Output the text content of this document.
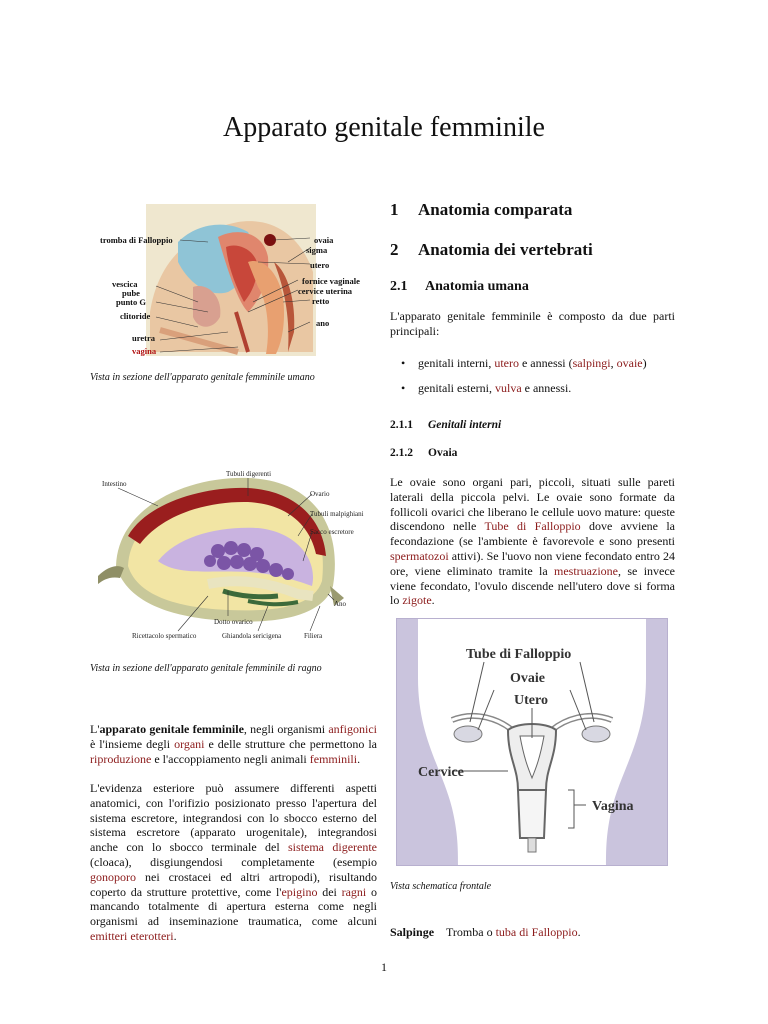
Apparato genitale femminile
tromba di Falloppio
vescica
pube
punto G
clitoride
uretra
vagina
ovaia
sigma
utero
fornice vaginale
cervice uterina
retto
ano
Vista in sezione dell'apparato genitale femminile umano
Tubuli digerenti
Intestino
Ovario
Tubuli malpighiani
Sacco escretore
Ano
Dotto ovarico
Ricettacolo spermatico	Ghiandola sericigena	Filiera
Vista in sezione dell'apparato genitale femminile di ragno
L'apparato genitale femminile, negli organismi anfigonici è l'insieme degli organi e delle strutture che permettono la riproduzione e l'accoppiamento negli animali femminili.
L'evidenza esteriore può assumere differenti aspetti anatomici, con l'orifizio posizionato presso l'apertura del sistema escretore, integrandosi con lo sbocco esterno del sistema escretore (apparato urogenitale), integrandosi anche con lo sbocco terminale del sistema digerente (cloaca), disgiungendosi completamente (esempio gonoporo nei crostacei ed altri artropodi), risultando coperto da strutture protettive, come l'epigino dei ragni o mancando totalmente di apertura esterna come negli organismi ad inseminazione traumatica, come alcuni emitteri eterotteri.
1 Anatomia comparata
2 Anatomia dei vertebrati
2.1 Anatomia umana
L'apparato genitale femminile è composto da due parti principali:
• genitali interni, utero e annessi (salpingi, ovaie)
• genitali esterni, vulva e annessi.
2.1.1 Genitali interni
2.1.2 Ovaia
Le ovaie sono organi pari, piccoli, situati sulle pareti laterali della piccola pelvi. Le ovaie sono formate da follicoli ovarici che liberano le cellule uovo mature: queste discendono nelle Tube di Falloppio dove avviene la fecondazione (se l'ambiente è favorevole e sono presenti spermatozoi attivi). Se l'uovo non viene fecondato entro 24 ore, viene eliminato tramite la mestruazione, se invece viene fecondato, l'ovulo discende nell'utero dove si forma lo zigote.
Tube di Falloppio
Ovaie
Utero
Cervice
Vagina
Vista schematica frontale
Salpinge Tromba o tuba di Falloppio.
1
